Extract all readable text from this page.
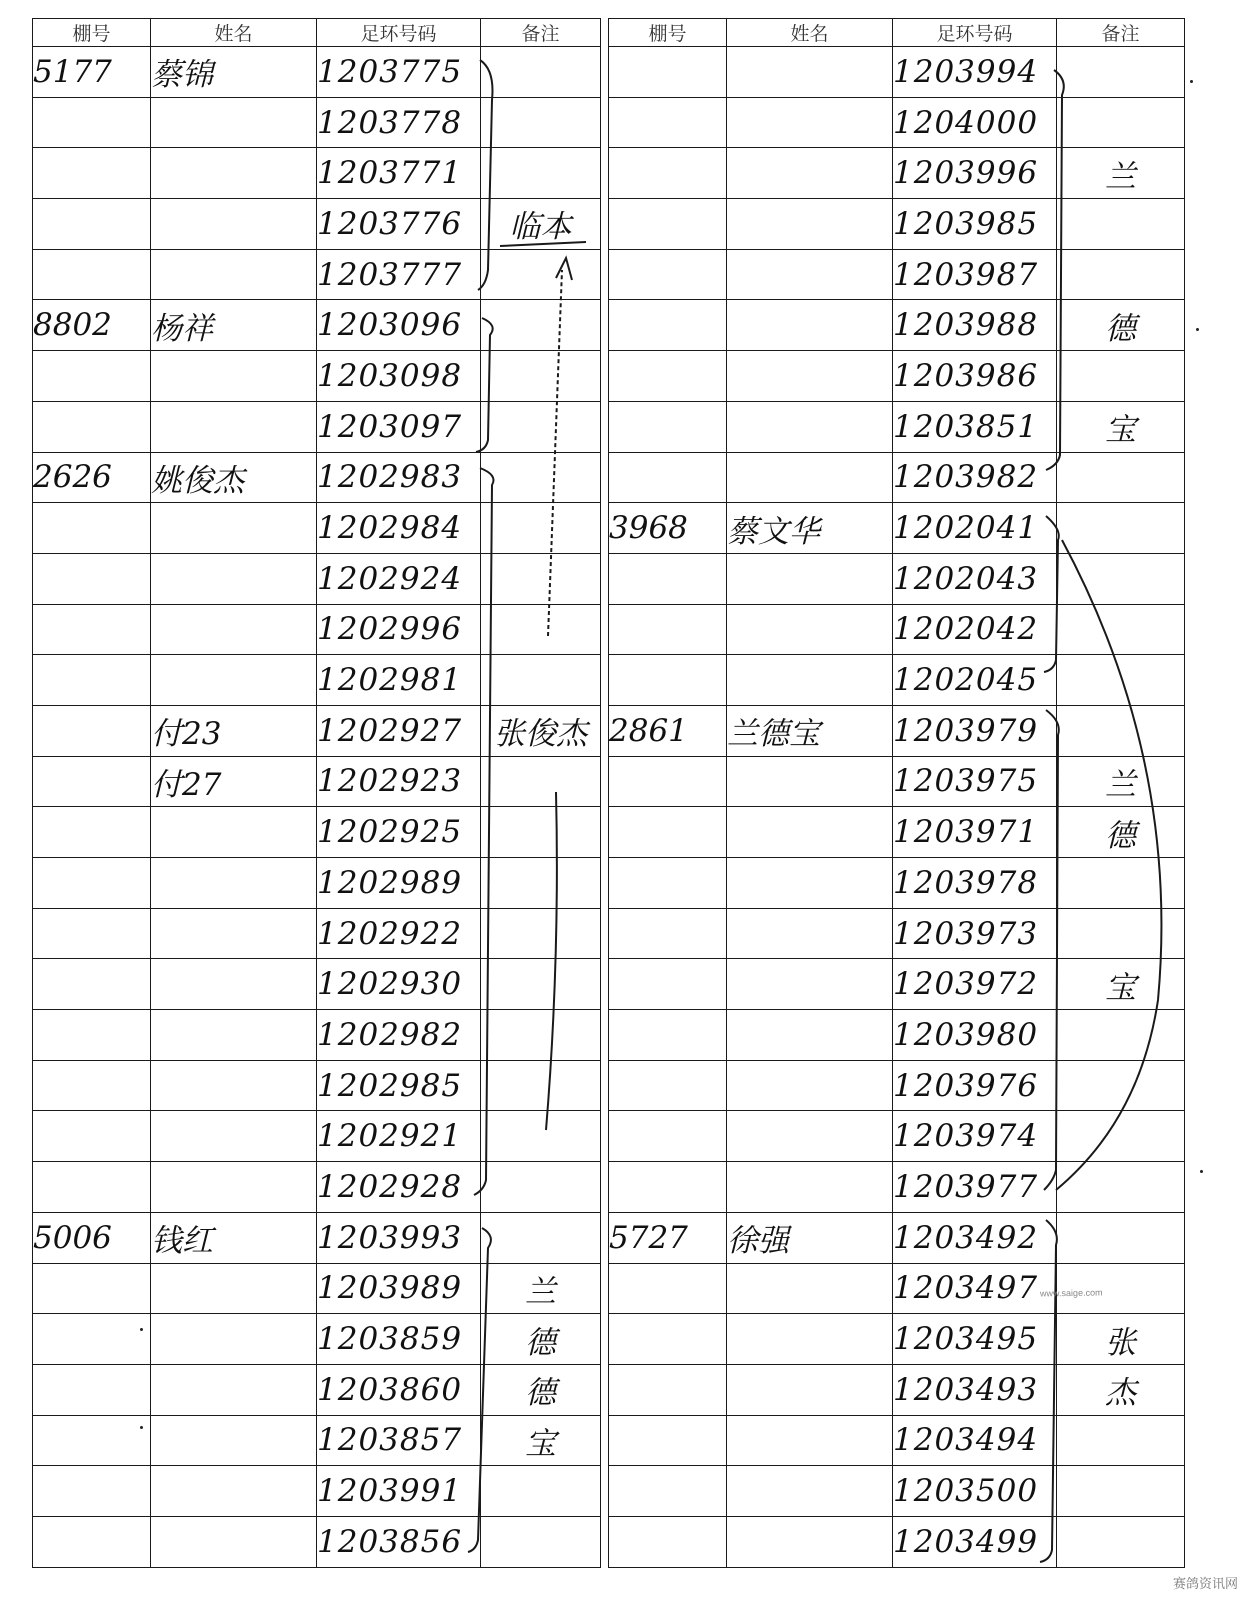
棚号	姓名	足环号码	备注
5177	蔡锦	1203775	
		1203778	
		1203771	
		1203776	临本
		1203777	
8802	杨祥	1203096	
		1203098	
		1203097	
2626	姚俊杰	1202983	
		1202984	
		1202924	
		1202996	
		1202981	
	付23	1202927	张俊杰
	付27	1202923	
		1202925	
		1202989	
		1202922	
		1202930	
		1202982	
		1202985	
		1202921	
		1202928	
5006	钱红	1203993	
		1203989	兰
		1203859	德
		1203860	德
		1203857	宝
		1203991	
		1203856	
棚号	姓名	足环号码	备注
		1203994	
		1204000	
		1203996	兰
		1203985	
		1203987	
		1203988	德
		1203986	
		1203851	宝
		1203982	
3968	蔡文华	1202041	
		1202043	
		1202042	
		1202045	
2861	兰德宝	1203979	
		1203975	兰
		1203971	德
		1203978	
		1203973	
		1203972	宝
		1203980	
		1203976	
		1203974	
		1203977	
5727	徐强	1203492	
		1203497	
		1203495	张
		1203493	杰
		1203494	
		1203500	
		1203499	
www.saige.com
赛鸽资讯网
